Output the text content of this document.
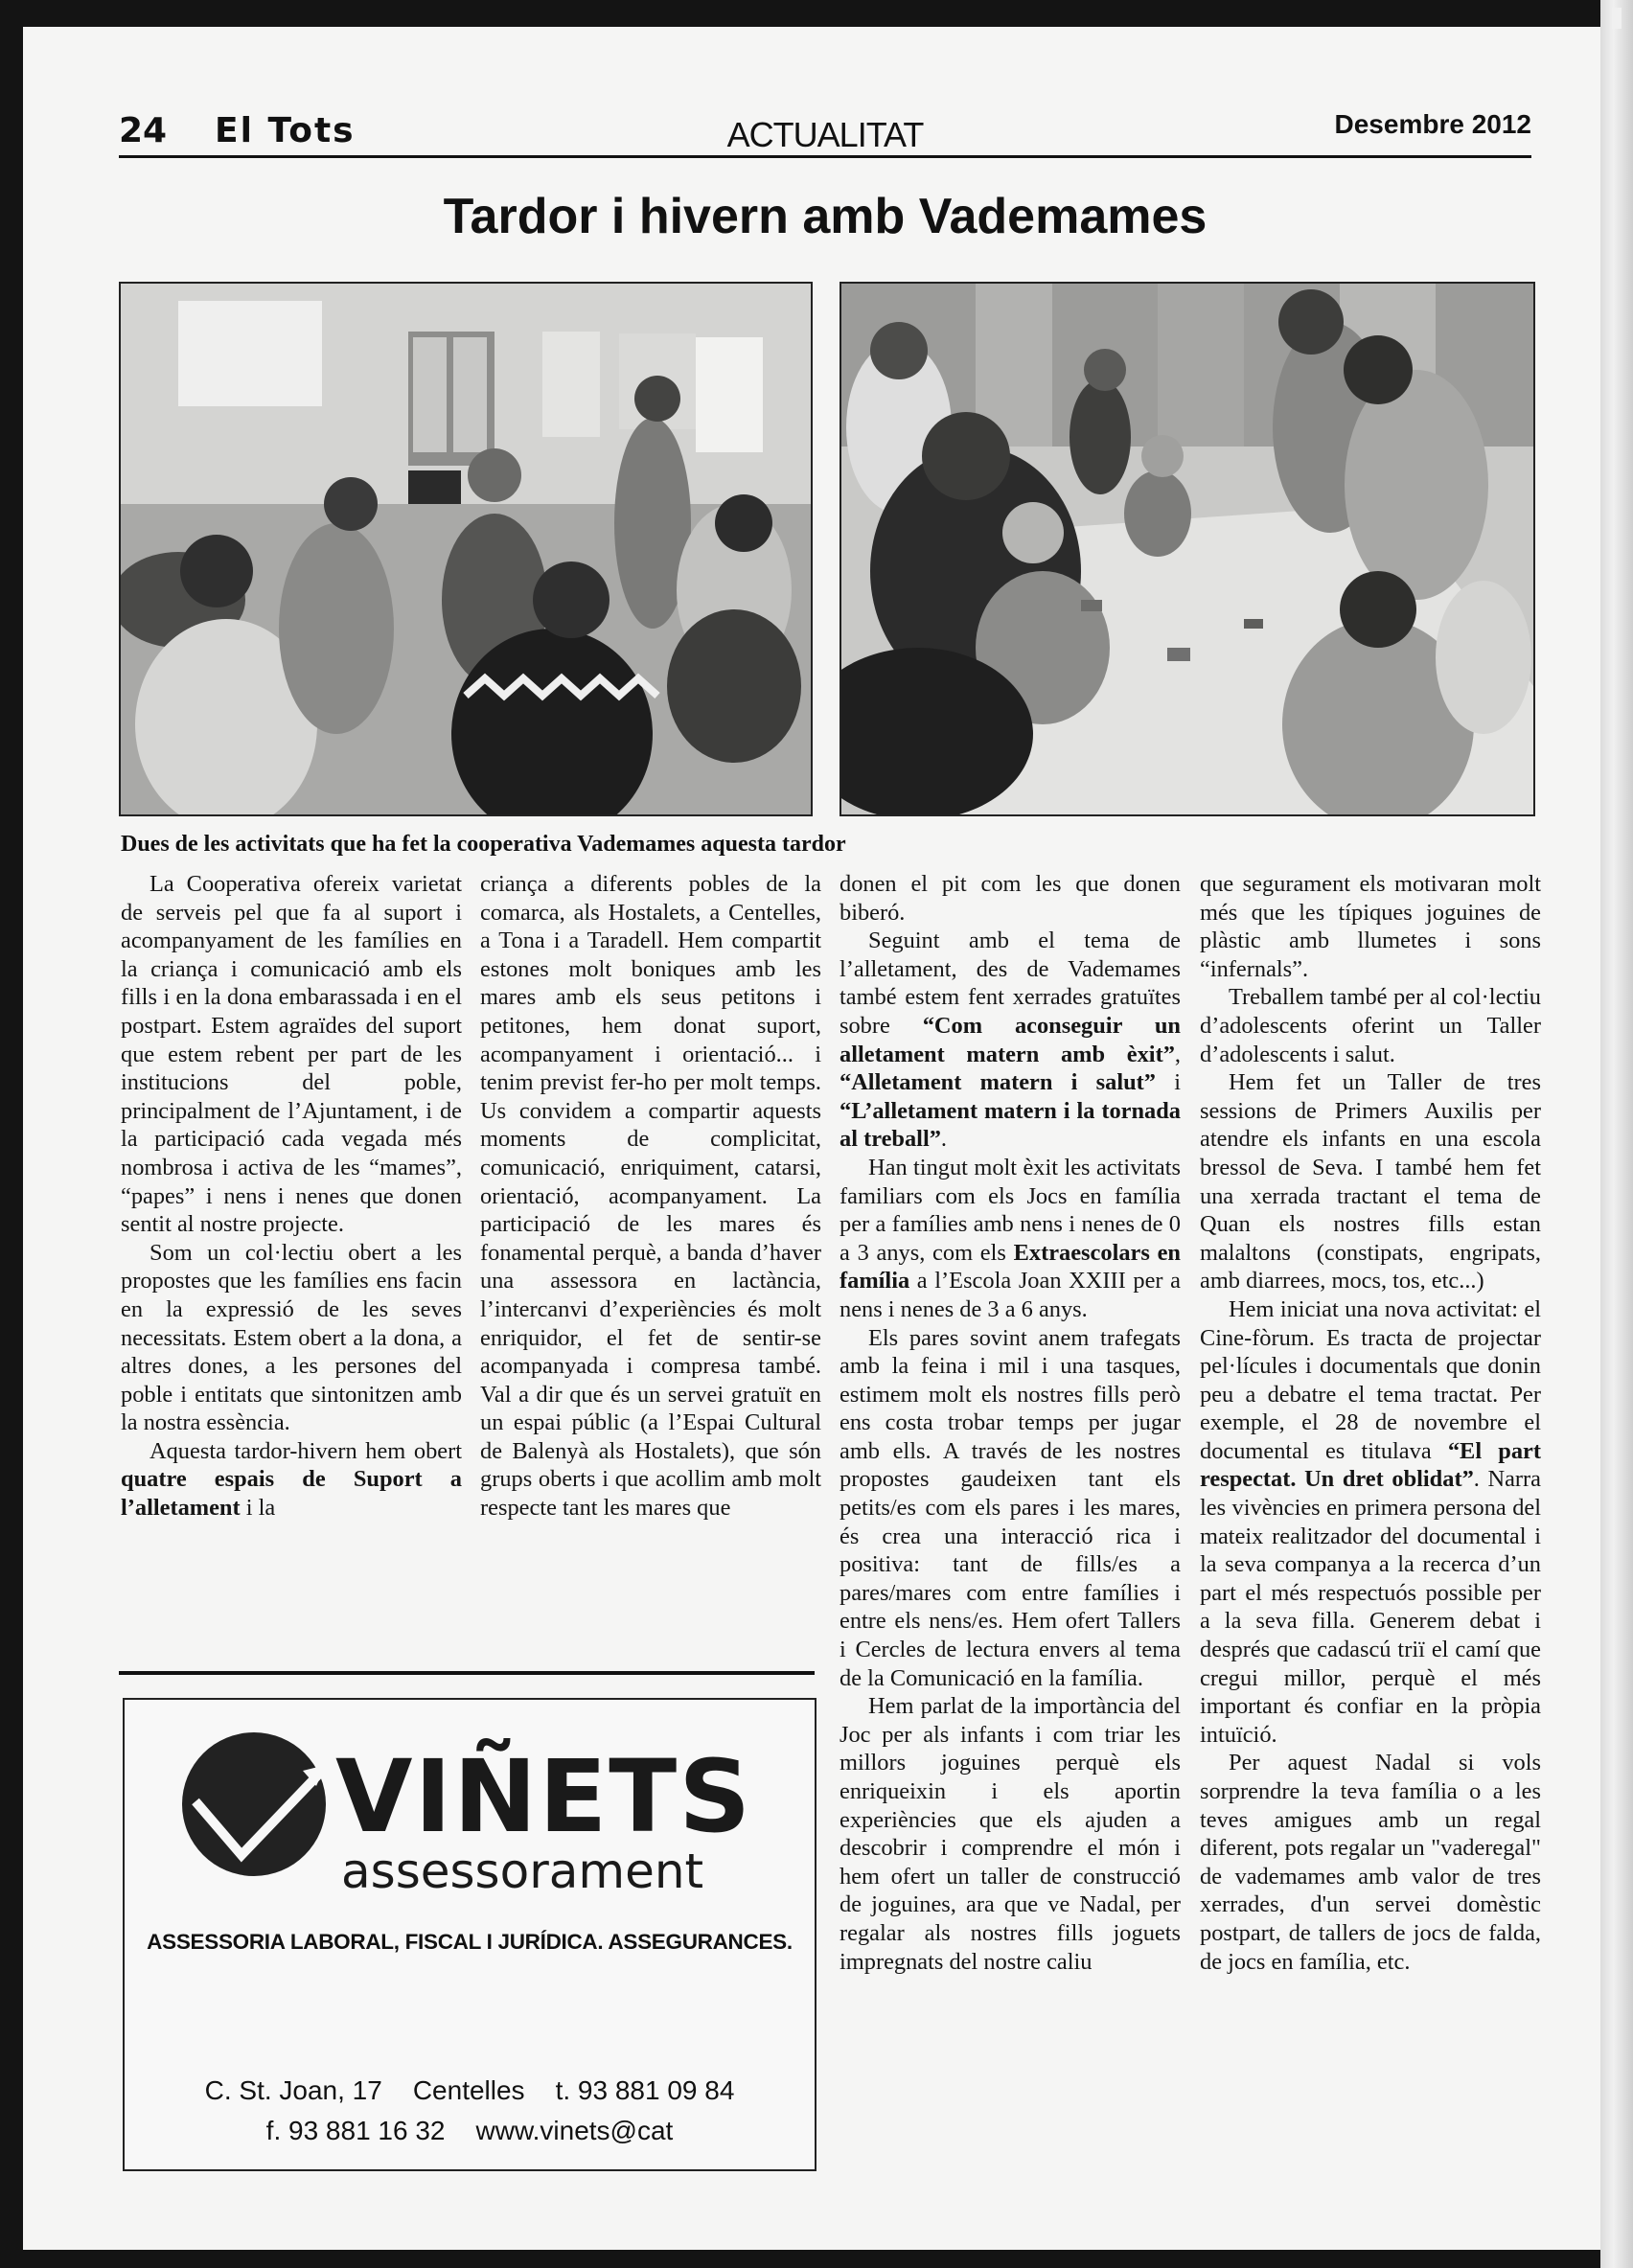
24 El Tots	ACTUALITAT	Desembre 2012
Tardor i hivern amb Vademames
Dues de les activitats que ha fet la cooperativa Vademames aquesta tardor

La Cooperativa ofereix varietat de serveis pel que fa al suport i acompanyament de les famílies en la criança i comunicació amb els fills i en la dona embarassada i en el postpart. Estem agraïdes del suport que estem rebent per part de les institucions del poble, principalment de l’Ajuntament, i de la participació cada vegada més nombrosa i activa de les “mames”, “papes” i nens i nenes que donen sentit al nostre projecte.

Som un col·lectiu obert a les propostes que les famílies ens facin en la expressió de les seves necessitats. Estem obert a la dona, a altres dones, a les persones del poble i entitats que sintonitzen amb la nostra essència.

Aquesta tardor-hivern hem obert quatre espais de Suport a l’alletament i la

criança a diferents pobles de la comarca, als Hostalets, a Centelles, a Tona i a Taradell. Hem compartit estones molt boniques amb les mares amb els seus petitons i petitones, hem donat suport, acompanyament i orientació... i tenim previst fer-ho per molt temps. Us convidem a compartir aquests moments de complicitat, comunicació, enriquiment, catarsi, orientació, acompanyament. La participació de les mares és fonamental perquè, a banda d’haver una assessora en lactància, l’intercanvi d’experiències és molt enriquidor, el fet de sentir-se acompanyada i compresa també. Val a dir que és un servei gratuït en un espai públic (a l’Espai Cultural de Balenyà als Hostalets), que són grups oberts i que acollim amb molt respecte tant les mares que

donen el pit com les que donen biberó.

Seguint amb el tema de l’alletament, des de Vademames també estem fent xerrades gratuïtes sobre “Com aconseguir un alletament matern amb èxit”, “Alletament matern i salut” i “L’alletament matern i la tornada al treball”.

Han tingut molt èxit les activitats familiars com els Jocs en família per a famílies amb nens i nenes de 0 a 3 anys, com els Extraescolars en família a l’Escola Joan XXIII per a nens i nenes de 3 a 6 anys.

Els pares sovint anem trafegats amb la feina i mil i una tasques, estimem molt els nostres fills però ens costa trobar temps per jugar amb ells. A través de les nostres propostes gaudeixen tant els petits/es com els pares i les mares, és crea una interacció rica i positiva: tant de fills/es a pares/mares com entre famílies i entre els nens/es. Hem ofert Tallers i Cercles de lectura envers al tema de la Comunicació en la família.

Hem parlat de la importància del Joc per als infants i com triar les millors joguines perquè els enriqueixin i els aportin experiències que els ajuden a descobrir i comprendre el món i hem ofert un taller de construcció de joguines, ara que ve Nadal, per regalar als nostres fills joguets impregnats del nostre caliu

que segurament els motivaran molt més que les típiques joguines de plàstic amb llumetes i sons “infernals”.

Treballem també per al col·lectiu d’adolescents oferint un Taller d’adolescents i salut.

Hem fet un Taller de tres sessions de Primers Auxilis per atendre els infants en una escola bressol de Seva. I també hem fet una xerrada tractant el tema de Quan els nostres fills estan malaltons (constipats, engripats, amb diarrees, mocs, tos, etc...)

Hem iniciat una nova activitat: el Cine-fòrum. Es tracta de projectar pel·lícules i documentals que donin peu a debatre el tema tractat. Per exemple, el 28 de novembre el documental es titulava “El part respectat. Un dret oblidat”. Narra les vivències en primera persona del mateix realitzador del documental i la seva companya a la recerca d’un part el més respectuós possible per a la seva filla. Generem debat i després que cadascú triï el camí que cregui millor, perquè el més important és confiar en la pròpia intuïció.

Per aquest Nadal si vols sorprendre la teva família o a les teves amigues amb un regal diferent, pots regalar un "vaderegal" de vademames amb valor de tres xerrades, d'un servei domèstic postpart, de tallers de jocs de falda, de jocs en família, etc.

VIÑETS
assessorament
ASSESSORIA LABORAL, FISCAL I JURÍDICA. ASSEGURANCES.
C. St. Joan, 17 Centelles t. 93 881 09 84
f. 93 881 16 32 www.vinets@cat
